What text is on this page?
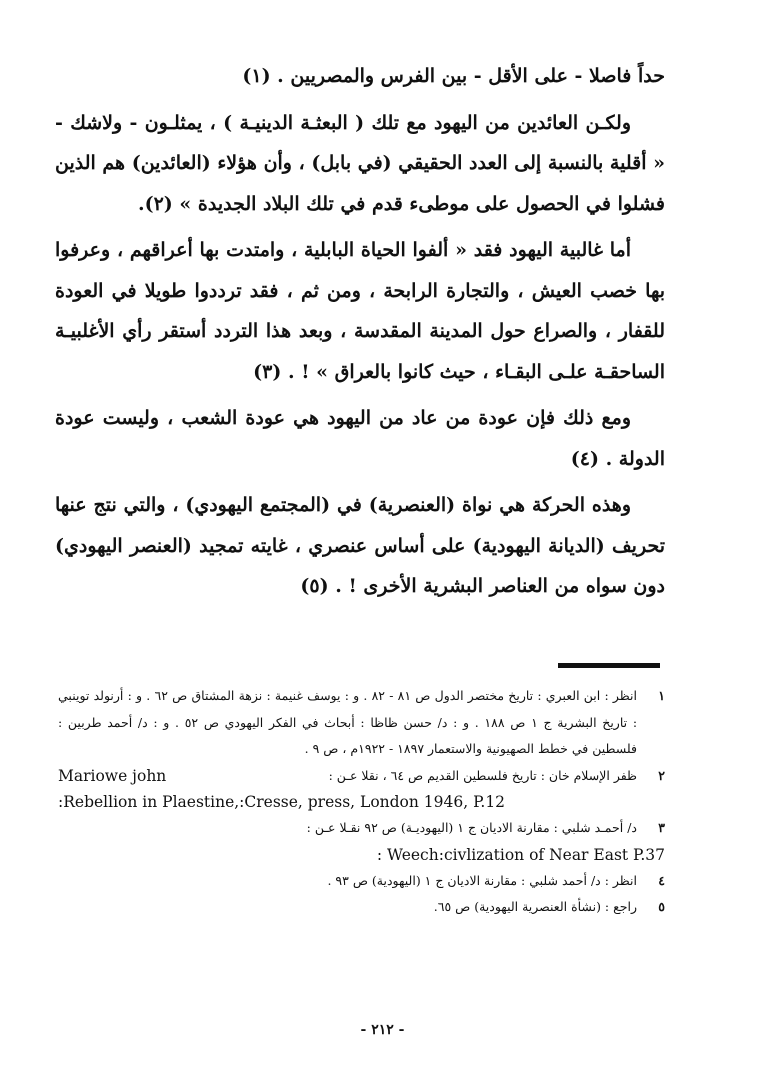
حداً فاصلا - على الأقل - بين الفرس والمصريين . (١)

ولكـن العائدين من اليهود مع تلك ( البعثـة الدينيـة ) ، يمثلـون - ولاشك - « أقلية بالنسبة إلى العدد الحقيقي (في بابل) ، وأن هؤلاء (العائدين) هم الذين فشلوا في الحصول على موطىء قدم في تلك البلاد الجديدة » (٢).

أما غالبية اليهود فقد « ألفوا الحياة البابلية ، وامتدت بها أعراقهم ، وعرفوا بها خصب العيش ، والتجارة الرابحة ، ومن ثم ، فقد ترددوا طويلا في العودة للقفار ، والصراع حول المدينة المقدسة ، وبعد هذا التردد أستقر رأي الأغلبيـة الساحقـة علـى البقـاء ، حيث كانوا بالعراق » ! . (٣)

ومع ذلك فإن عودة من عاد من اليهود هي عودة الشعب ، وليست عودة الدولة . (٤)

وهذه الحركة هي نواة (العنصرية) في (المجتمع اليهودي) ، والتي نتج عنها تحريف (الديانة اليهودية) على أساس عنصري ، غايته تمجيد (العنصر اليهودي) دون سواه من العناصر البشرية الأخرى ! . (٥)

١
انظر : ابن العبري : تاريخ مختصر الدول ص ٨١ - ٨٢ . و : يوسف غنيمة : نزهة المشتاق ص ٦٢ . و : أرنولد توينبي : تاريخ البشرية ج ١ ص ١٨٨ . و : د/ حسن ظاظا : أبحاث في الفكر اليهودي ص ٥٢ . و : د/ أحمد طربين : فلسطين في خطط الصهيونية والاستعمار ١٨٩٧ - ١٩٢٢م ، ص ٩ .
٢
Mariowe john	ظفر الإسلام خان : تاريخ فلسطين القديم ص ٦٤ ، نقلا عـن :
:Rebellion in Plaestine,:Cresse, press, London 1946, P.12
٣
د/ أحمـد شلبي : مقارنة الاديان ج ١ (اليهوديـة) ص ٩٢ نقـلا عـن :
: Weech:civlization of Near East P.37
٤
انظر : د/ أحمد شلبي : مقارنة الاديان ج ١ (اليهودية) ص ٩٣ .
٥
راجع : (نشأة العنصرية اليهودية) ص ٦٥.
- ٢١٢ -
